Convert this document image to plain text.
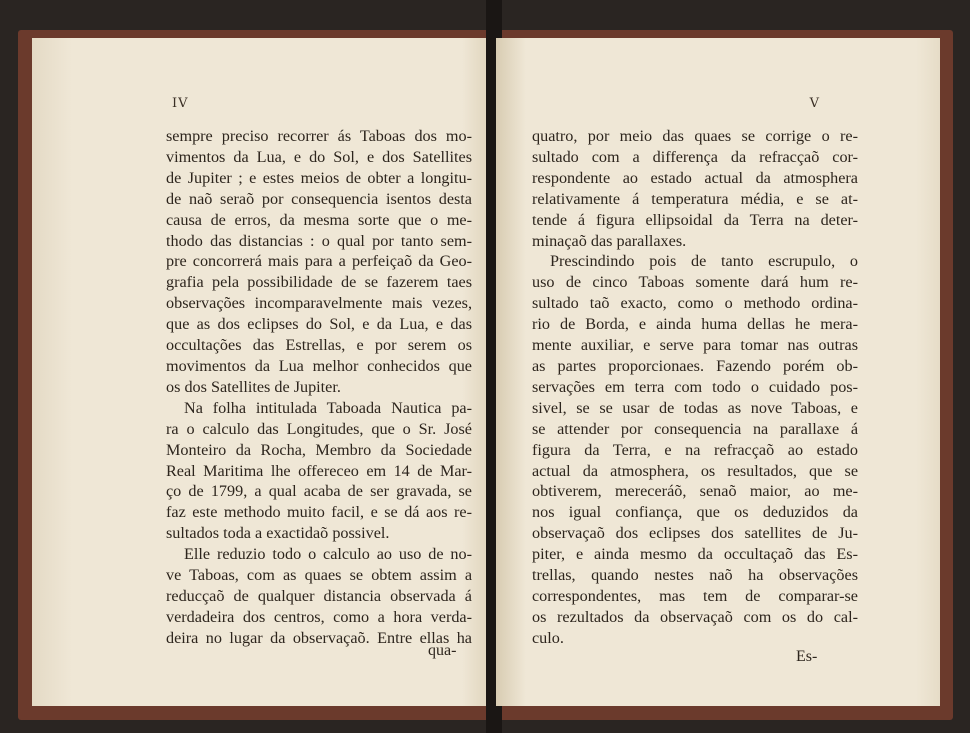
IV
sempre preciso recorrer ás Taboas dos mo-
vimentos da Lua, e do Sol, e dos Satellites
de Jupiter ; e estes meios de obter a longitu-
de naõ seraõ por consequencia isentos desta
causa de erros, da mesma sorte que o me-
thodo das distancias : o qual por tanto sem-
pre concorrerá mais para a perfeiçaõ da Geo-
grafia pela possibilidade de se fazerem taes
observações incomparavelmente mais vezes,
que as dos eclipses do Sol, e da Lua, e das
occultações das Estrellas, e por serem os
movimentos da Lua melhor conhecidos que
os dos Satellites de Jupiter.
Na folha intitulada Taboada Nautica pa-
ra o calculo das Longitudes, que o Sr. José
Monteiro da Rocha, Membro da Sociedade
Real Maritima lhe offereceo em 14 de Mar-
ço de 1799, a qual acaba de ser gravada, se
faz este methodo muito facil, e se dá aos re-
sultados toda a exactidaõ possivel.
Elle reduzio todo o calculo ao uso de no-
ve Taboas, com as quaes se obtem assim a
reducçaõ de qualquer distancia observada á
verdadeira dos centros, como a hora verda-
deira no lugar da observaçaõ. Entre ellas ha
qua-
V
quatro, por meio das quaes se corrige o re-
sultado com a differença da refracçaõ cor-
respondente ao estado actual da atmosphera
relativamente á temperatura média, e se at-
tende á figura ellipsoidal da Terra na deter-
minaçaõ das parallaxes.
Prescindindo pois de tanto escrupulo, o
uso de cinco Taboas somente dará hum re-
sultado taõ exacto, como o methodo ordina-
rio de Borda, e ainda huma dellas he mera-
mente auxiliar, e serve para tomar nas outras
as partes proporcionaes. Fazendo porém ob-
servações em terra com todo o cuidado pos-
sivel, se se usar de todas as nove Taboas, e
se attender por consequencia na parallaxe á
figura da Terra, e na refracçaõ ao estado
actual da atmosphera, os resultados, que se
obtiverem, mereceráõ, senaõ maior, ao me-
nos igual confiança, que os deduzidos da
observaçaõ dos eclipses dos satellites de Ju-
piter, e ainda mesmo da occultaçaõ das Es-
trellas, quando nestes naõ ha observações
correspondentes, mas tem de comparar-se
os rezultados da observaçaõ com os do cal-
culo.
Es-
